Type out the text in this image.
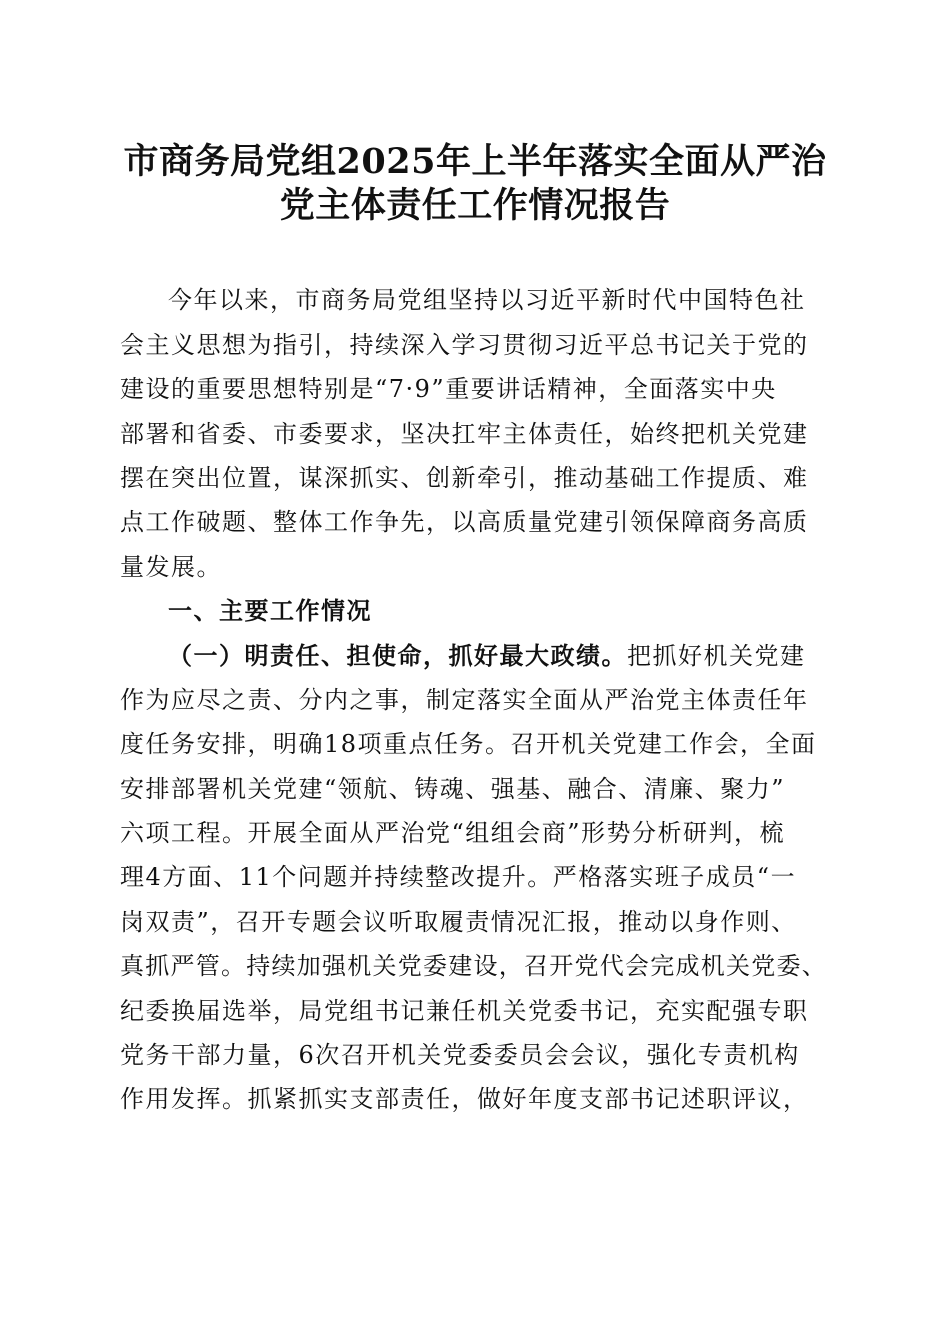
市商务局党组2025年上半年落实全面从严治
党主体责任工作情况报告
今年以来，市商务局党组坚持以习近平新时代中国特色社
会主义思想为指引，持续深入学习贯彻习近平总书记关于党的
建设的重要思想特别是“7·9”重要讲话精神，全面落实中央
部署和省委、市委要求，坚决扛牢主体责任，始终把机关党建
摆在突出位置，谋深抓实、创新牵引，推动基础工作提质、难
点工作破题、整体工作争先，以高质量党建引领保障商务高质
量发展。
一、主要工作情况
（一）明责任、担使命，抓好最大政绩。把抓好机关党建
作为应尽之责、分内之事，制定落实全面从严治党主体责任年
度任务安排，明确18项重点任务。召开机关党建工作会，全面
安排部署机关党建“领航、铸魂、强基、融合、清廉、聚力”
六项工程。开展全面从严治党“组组会商”形势分析研判，梳
理4方面、11个问题并持续整改提升。严格落实班子成员“一
岗双责”，召开专题会议听取履责情况汇报，推动以身作则、
真抓严管。持续加强机关党委建设，召开党代会完成机关党委、
纪委换届选举，局党组书记兼任机关党委书记，充实配强专职
党务干部力量，6次召开机关党委委员会会议，强化专责机构
作用发挥。抓紧抓实支部责任，做好年度支部书记述职评议，
